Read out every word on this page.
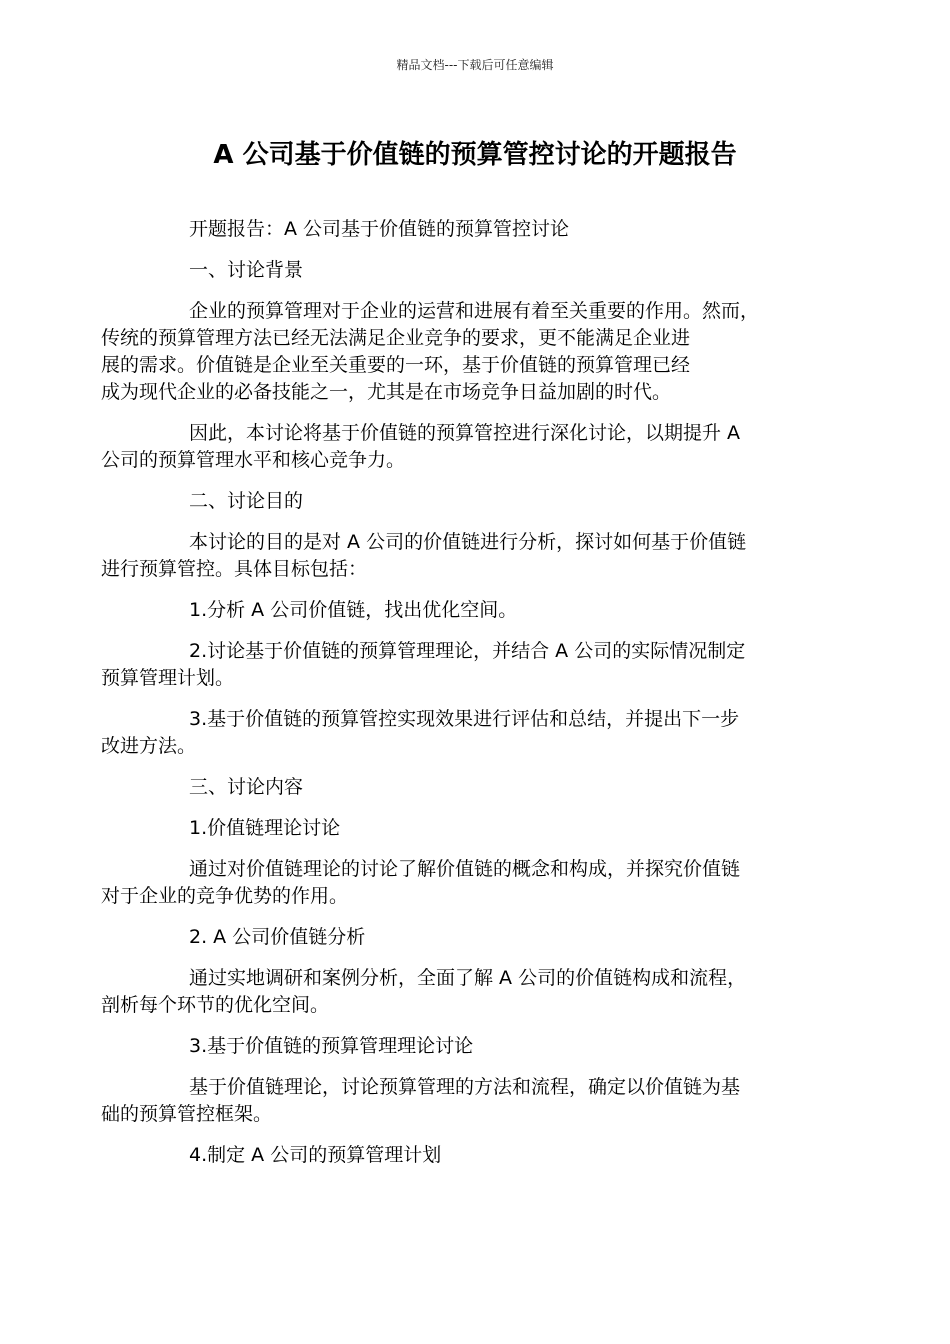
精品文档---下载后可任意编辑
A 公司基于价值链的预算管控讨论的开题报告

开题报告：A 公司基于价值链的预算管控讨论

一、讨论背景

企业的预算管理对于企业的运营和进展有着至关重要的作用。然而，
传统的预算管理方法已经无法满足企业竞争的要求，更不能满足企业进
展的需求。价值链是企业至关重要的一环，基于价值链的预算管理已经
成为现代企业的必备技能之一，尤其是在市场竞争日益加剧的时代。

因此，本讨论将基于价值链的预算管控进行深化讨论，以期提升 A
公司的预算管理水平和核心竞争力。

二、讨论目的

本讨论的目的是对 A 公司的价值链进行分析，探讨如何基于价值链
进行预算管控。具体目标包括：

1.分析 A 公司价值链，找出优化空间。

2.讨论基于价值链的预算管理理论，并结合 A 公司的实际情况制定
预算管理计划。

3.基于价值链的预算管控实现效果进行评估和总结，并提出下一步
改进方法。

三、讨论内容

1.价值链理论讨论

通过对价值链理论的讨论了解价值链的概念和构成，并探究价值链
对于企业的竞争优势的作用。

2. A 公司价值链分析

通过实地调研和案例分析，全面了解 A 公司的价值链构成和流程，
剖析每个环节的优化空间。

3.基于价值链的预算管理理论讨论

基于价值链理论，讨论预算管理的方法和流程，确定以价值链为基
础的预算管控框架。

4.制定 A 公司的预算管理计划
